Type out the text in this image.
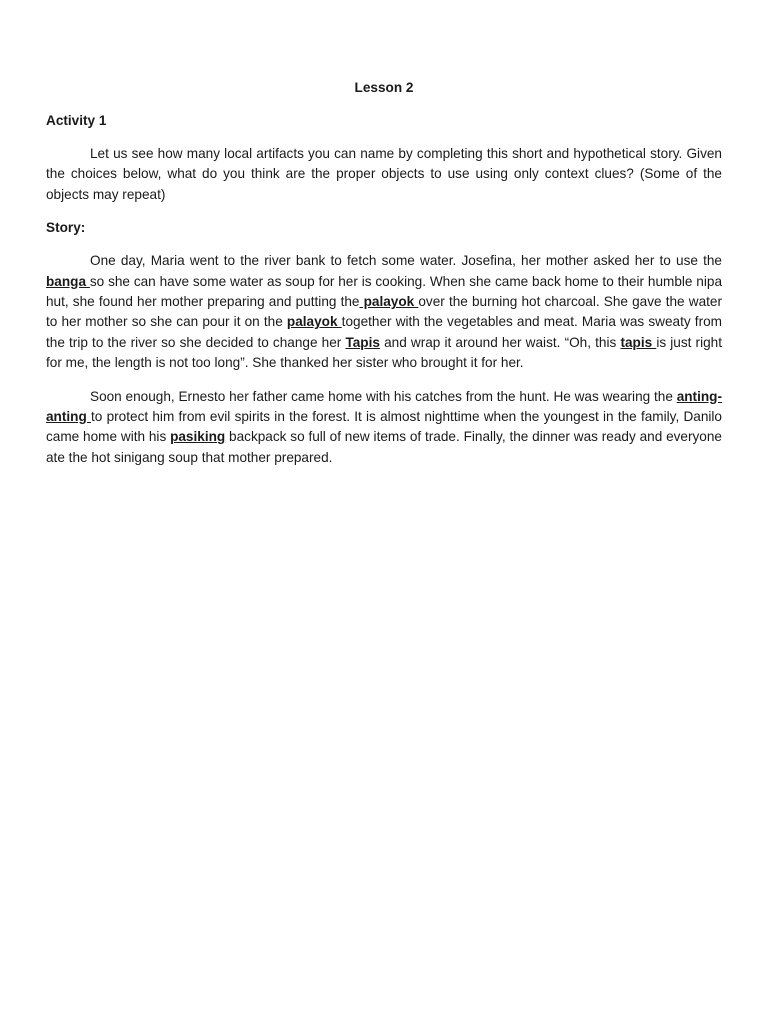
Lesson 2
Activity 1

Let us see how many local artifacts you can name by completing this short and hypothetical story. Given the choices below, what do you think are the proper objects to use using only context clues? (Some of the objects may repeat)

Story:

One day, Maria went to the river bank to fetch some water. Josefina, her mother asked her to use the banga so she can have some water as soup for her is cooking. When she came back home to their humble nipa hut, she found her mother preparing and putting the palayok over the burning hot charcoal. She gave the water to her mother so she can pour it on the palayok together with the vegetables and meat. Maria was sweaty from the trip to the river so she decided to change her Tapis and wrap it around her waist. “Oh, this tapis is just right for me, the length is not too long”. She thanked her sister who brought it for her.

Soon enough, Ernesto her father came home with his catches from the hunt. He was wearing the anting-anting to protect him from evil spirits in the forest. It is almost nighttime when the youngest in the family, Danilo came home with his pasiking backpack so full of new items of trade. Finally, the dinner was ready and everyone ate the hot sinigang soup that mother prepared.
